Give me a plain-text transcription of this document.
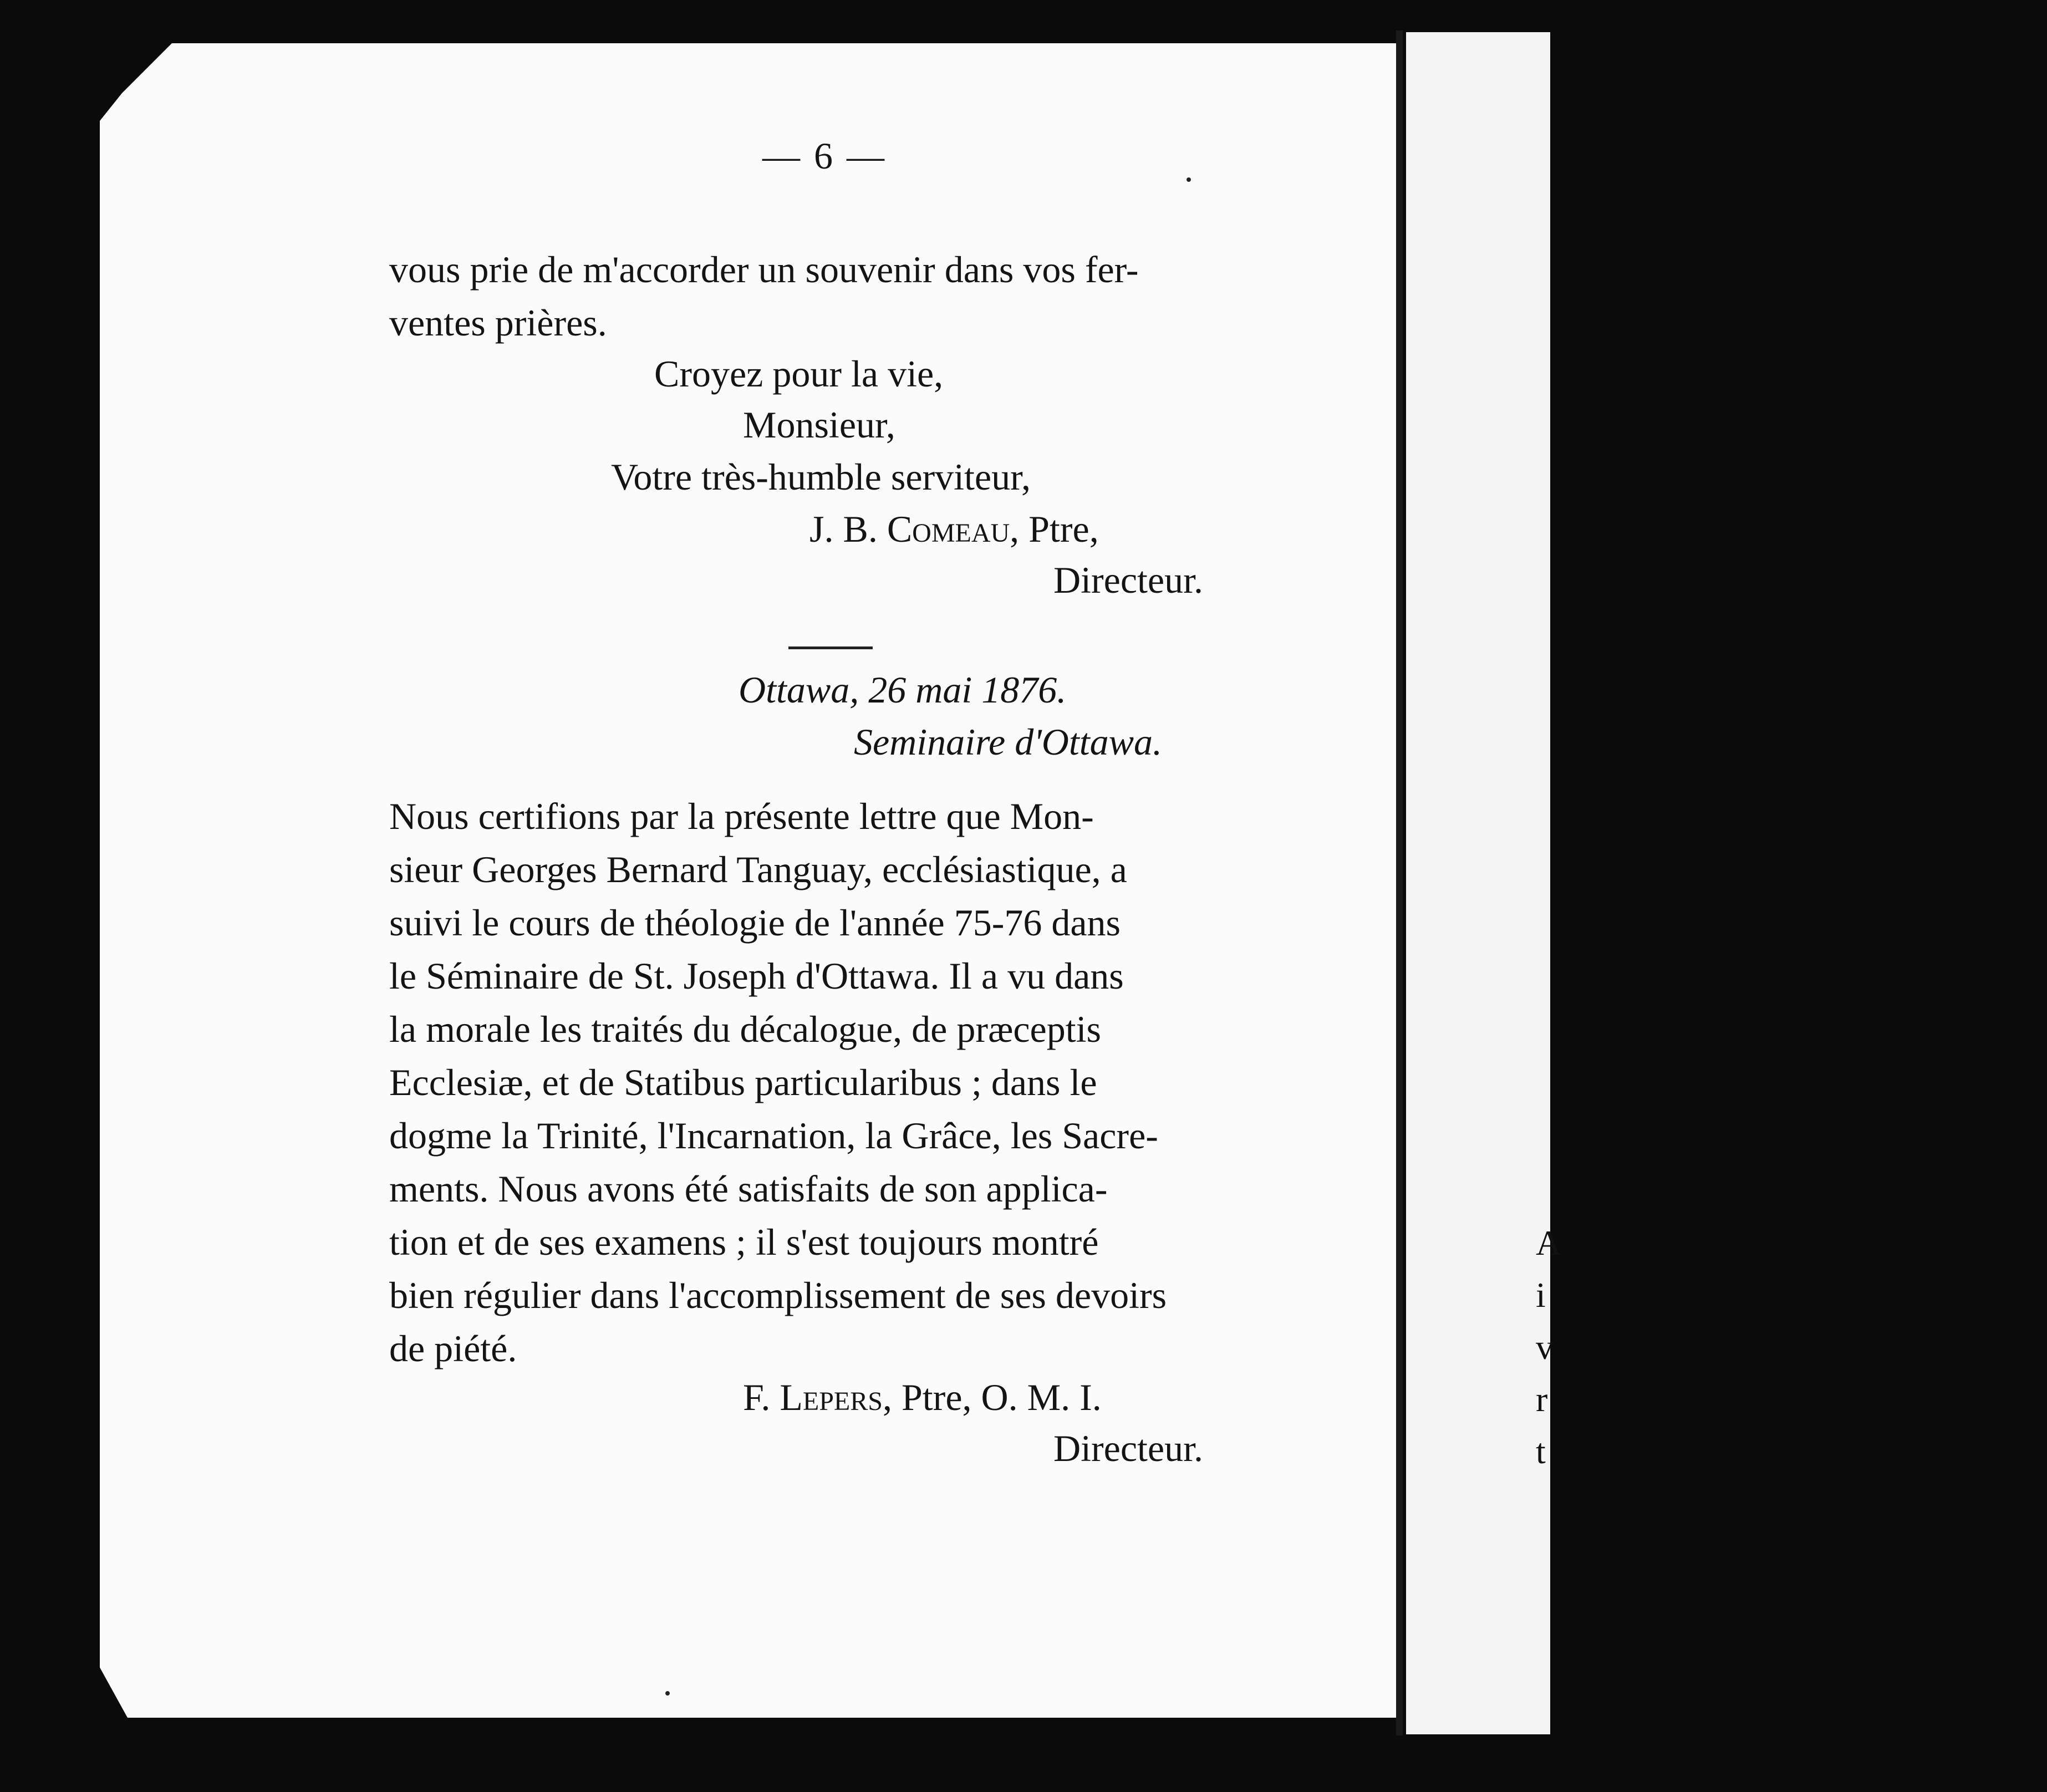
A
i
v
r
t
— 6 —
vous prie de m'accorder un souvenir dans vos fer-
ventes prières.
Croyez pour la vie,
Monsieur,
Votre très-humble serviteur,
J. B. Comeau, Ptre,
Directeur.
Ottawa, 26 mai 1876.
Seminaire d'Ottawa.
Nous certifions par la présente lettre que Mon-
sieur Georges Bernard Tanguay, ecclésiastique, a
suivi le cours de théologie de l'année 75-76 dans
le Séminaire de St. Joseph d'Ottawa. Il a vu dans
la morale les traités du décalogue, de præceptis
Ecclesiæ, et de Statibus particularibus ; dans le
dogme la Trinité, l'Incarnation, la Grâce, les Sacre-
ments. Nous avons été satisfaits de son applica-
tion et de ses examens ; il s'est toujours montré
bien régulier dans l'accomplissement de ses devoirs
de piété.
F. Lepers, Ptre, O. M. I.
Directeur.
